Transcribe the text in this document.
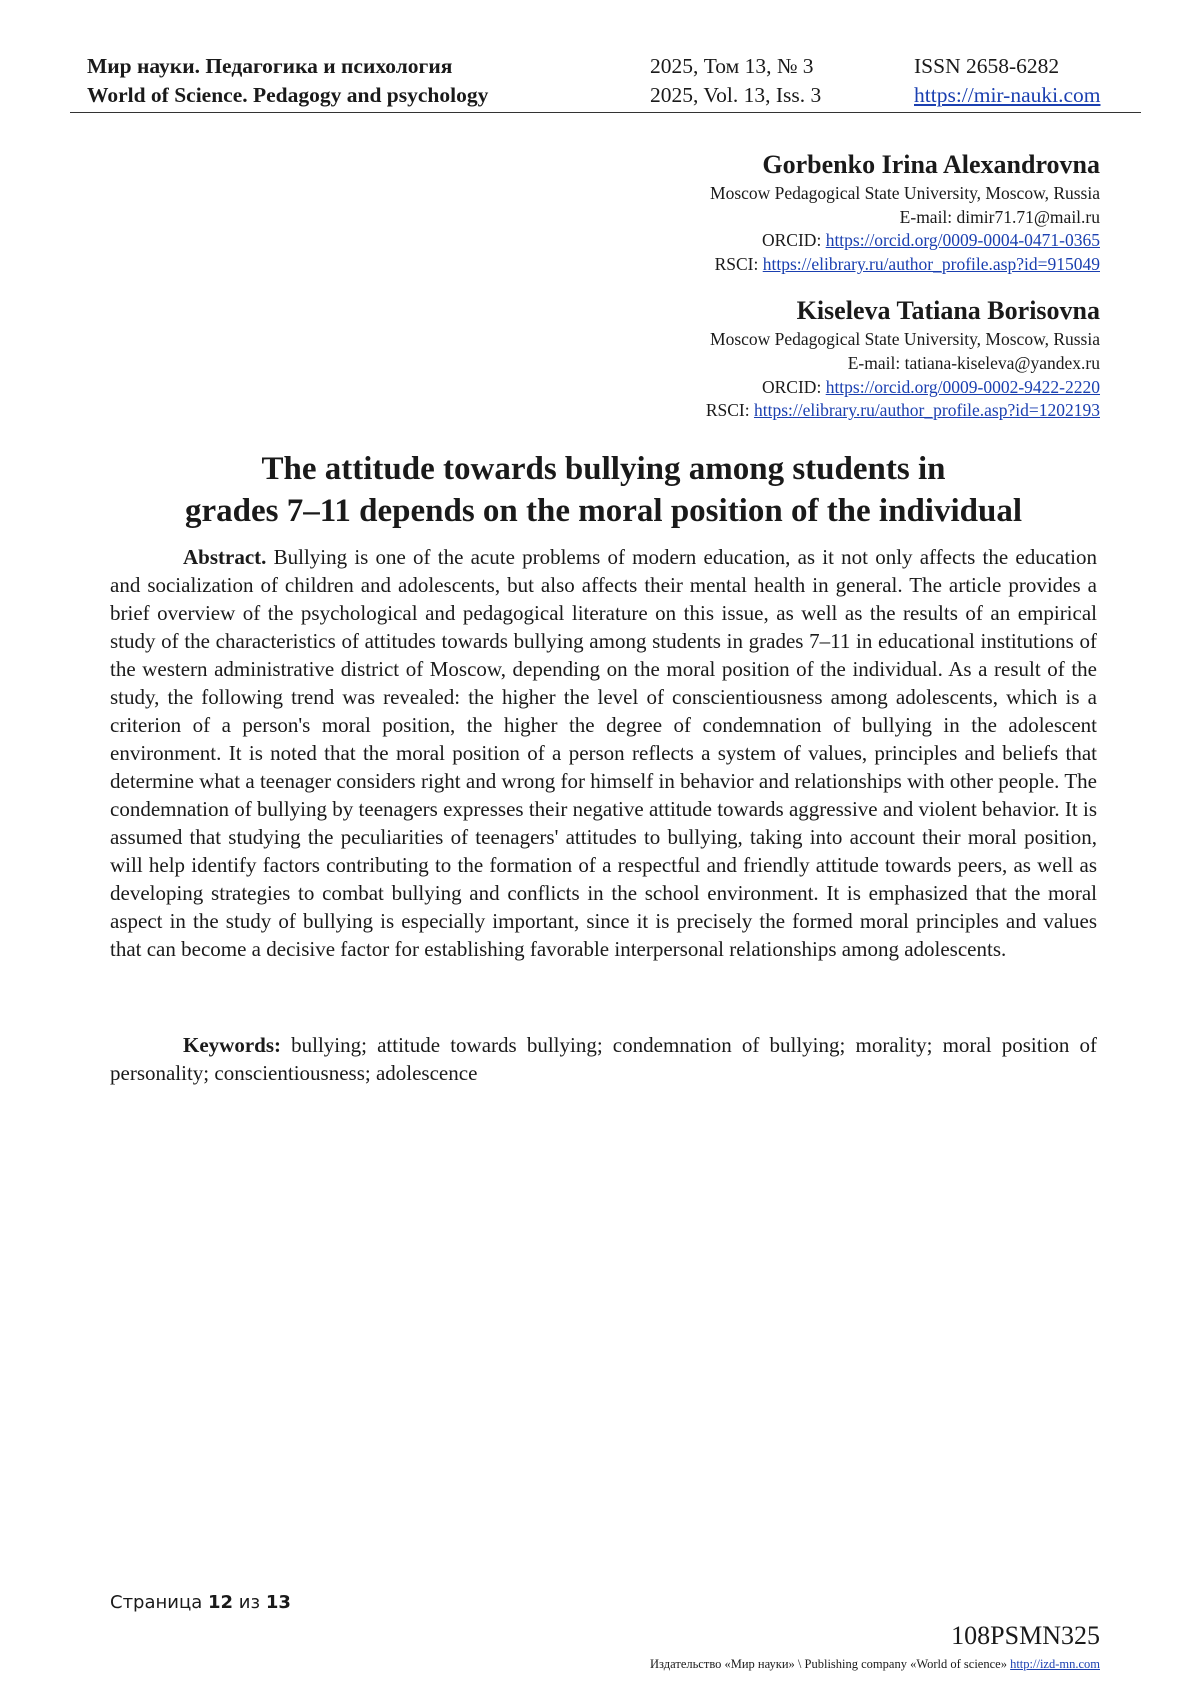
Мир науки. Педагогика и психология	2025, Том 13, № 3	ISSN 2658-6282
World of Science. Pedagogy and psychology	2025, Vol. 13, Iss. 3	https://mir-nauki.com
Gorbenko Irina Alexandrovna
Moscow Pedagogical State University, Moscow, Russia
E-mail: dimir71.71@mail.ru
ORCID: https://orcid.org/0009-0004-0471-0365
RSCI: https://elibrary.ru/author_profile.asp?id=915049
Kiseleva Tatiana Borisovna
Moscow Pedagogical State University, Moscow, Russia
E-mail: tatiana-kiseleva@yandex.ru
ORCID: https://orcid.org/0009-0002-9422-2220
RSCI: https://elibrary.ru/author_profile.asp?id=1202193
The attitude towards bullying among students in
grades 7–11 depends on the moral position of the individual

Abstract. Bullying is one of the acute problems of modern education, as it not only affects the education and socialization of children and adolescents, but also affects their mental health in general. The article provides a brief overview of the psychological and pedagogical literature on this issue, as well as the results of an empirical study of the characteristics of attitudes towards bullying among students in grades 7–11 in educational institutions of the western administrative district of Moscow, depending on the moral position of the individual. As a result of the study, the following trend was revealed: the higher the level of conscientiousness among adolescents, which is a criterion of a person's moral position, the higher the degree of condemnation of bullying in the adolescent environment. It is noted that the moral position of a person reflects a system of values, principles and beliefs that determine what a teenager considers right and wrong for himself in behavior and relationships with other people. The condemnation of bullying by teenagers expresses their negative attitude towards aggressive and violent behavior. It is assumed that studying the peculiarities of teenagers' attitudes to bullying, taking into account their moral position, will help identify factors contributing to the formation of a respectful and friendly attitude towards peers, as well as developing strategies to combat bullying and conflicts in the school environment. It is emphasized that the moral aspect in the study of bullying is especially important, since it is precisely the formed moral principles and values that can become a decisive factor for establishing favorable interpersonal relationships among adolescents.

Keywords: bullying; attitude towards bullying; condemnation of bullying; morality; moral position of personality; conscientiousness; adolescence

Страница 12 из 13
108PSMN325
Издательство «Мир науки» \ Publishing company «World of science» http://izd-mn.com
